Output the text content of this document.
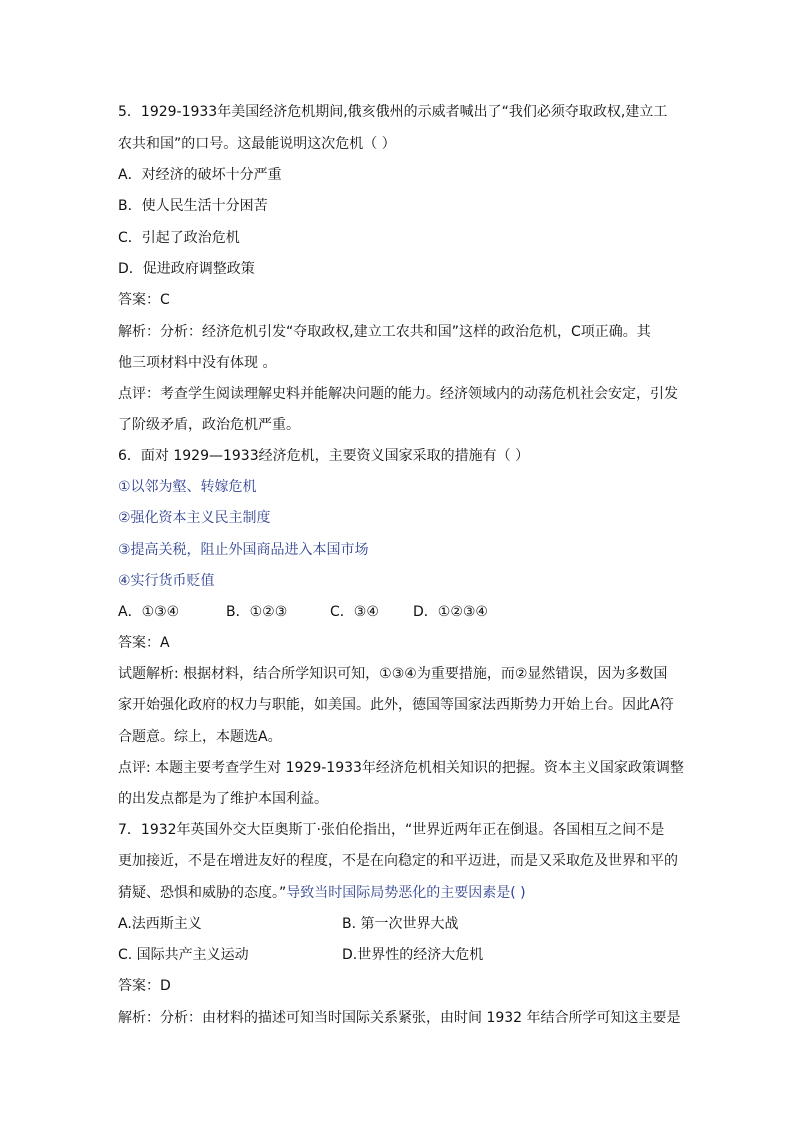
5．1929-1933年美国经济危机期间,俄亥俄州的示威者喊出了“我们必须夺取政权,建立工
农共和国”的口号。这最能说明这次危机（ ）
A．对经济的破坏十分严重
B．使人民生活十分困苦
C．引起了政治危机
D．促进政府调整政策
答案：C
解析：分析：经济危机引发“夺取政权,建立工农共和国”这样的政治危机，C项正确。其
他三项材料中没有体现 。
点评：考查学生阅读理解史料并能解决问题的能力。经济领域内的动荡危机社会安定，引发
了阶级矛盾，政治危机严重。
6．面对 1929—1933经济危机，主要资义国家采取的措施有（ ）
①以邻为壑、转嫁危机
②强化资本主义民主制度
③提高关税，阻止外国商品进入本国市场
④实行货币贬值
A．①③④	B．①②③	C．③④ D．①②③④
答案：A
试题解析: 根据材料，结合所学知识可知，①③④为重要措施，而②显然错误，因为多数国
家开始强化政府的权力与职能，如美国。此外，德国等国家法西斯势力开始上台。因此A符
合题意。综上，本题选A。
点评: 本题主要考查学生对 1929-1933年经济危机相关知识的把握。资本主义国家政策调整
的出发点都是为了维护本国利益。
7．1932年英国外交大臣奥斯丁·张伯伦指出，“世界近两年正在倒退。各国相互之间不是
更加接近，不是在增进友好的程度，不是在向稳定的和平迈进，而是又采取危及世界和平的
猜疑、恐惧和威胁的态度。”导致当时国际局势恶化的主要因素是( )
A.法西斯主义	B. 第一次世界大战
C. 国际共产主义运动	D.世界性的经济大危机
答案：D
解析：分析：由材料的描述可知当时国际关系紧张，由时间 1932 年结合所学可知这主要是
